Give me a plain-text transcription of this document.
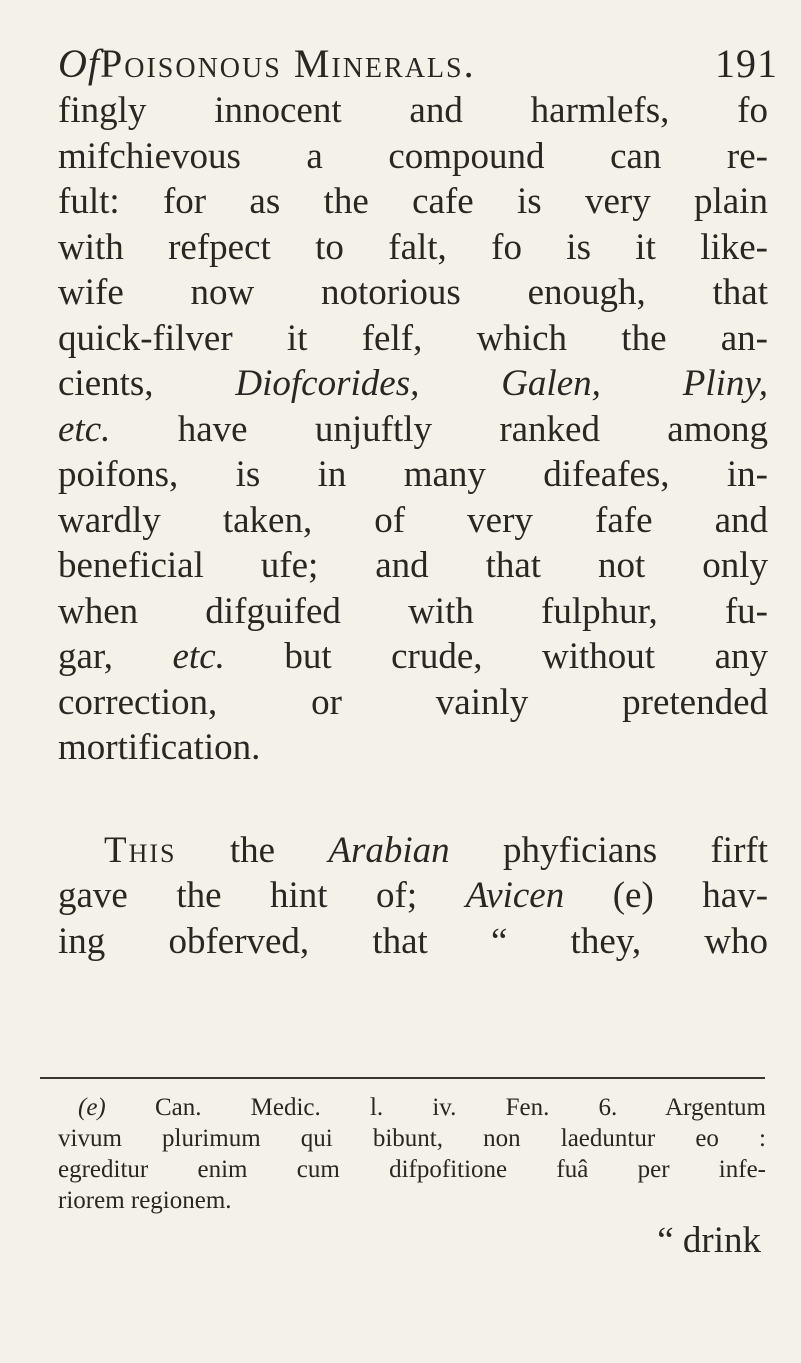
OfPoisonous Minerals.	191
fingly innocent and harmlefs, fo
mifchievous a compound can re-
fult: for as the cafe is very plain
with refpect to falt, fo is it like-
wife now notorious enough, that
quick-filver it felf, which the an-
cients, Diofcorides, Galen, Pliny,
etc. have unjuftly ranked among
poifons, is in many difeafes, in-
wardly taken, of very fafe and
beneficial ufe; and that not only
when difguifed with fulphur, fu-
gar, etc. but crude, without any
correction, or vainly pretended
mortification.
This the Arabian phyficians firft
gave the hint of; Avicen (e) hav-
ing obferved, that “ they, who
(e) Can. Medic. l. iv. Fen. 6. Argentum
vivum plurimum qui bibunt, non laeduntur eo :
egreditur enim cum difpofitione fuâ per infe-
riorem regionem.
“ drink
